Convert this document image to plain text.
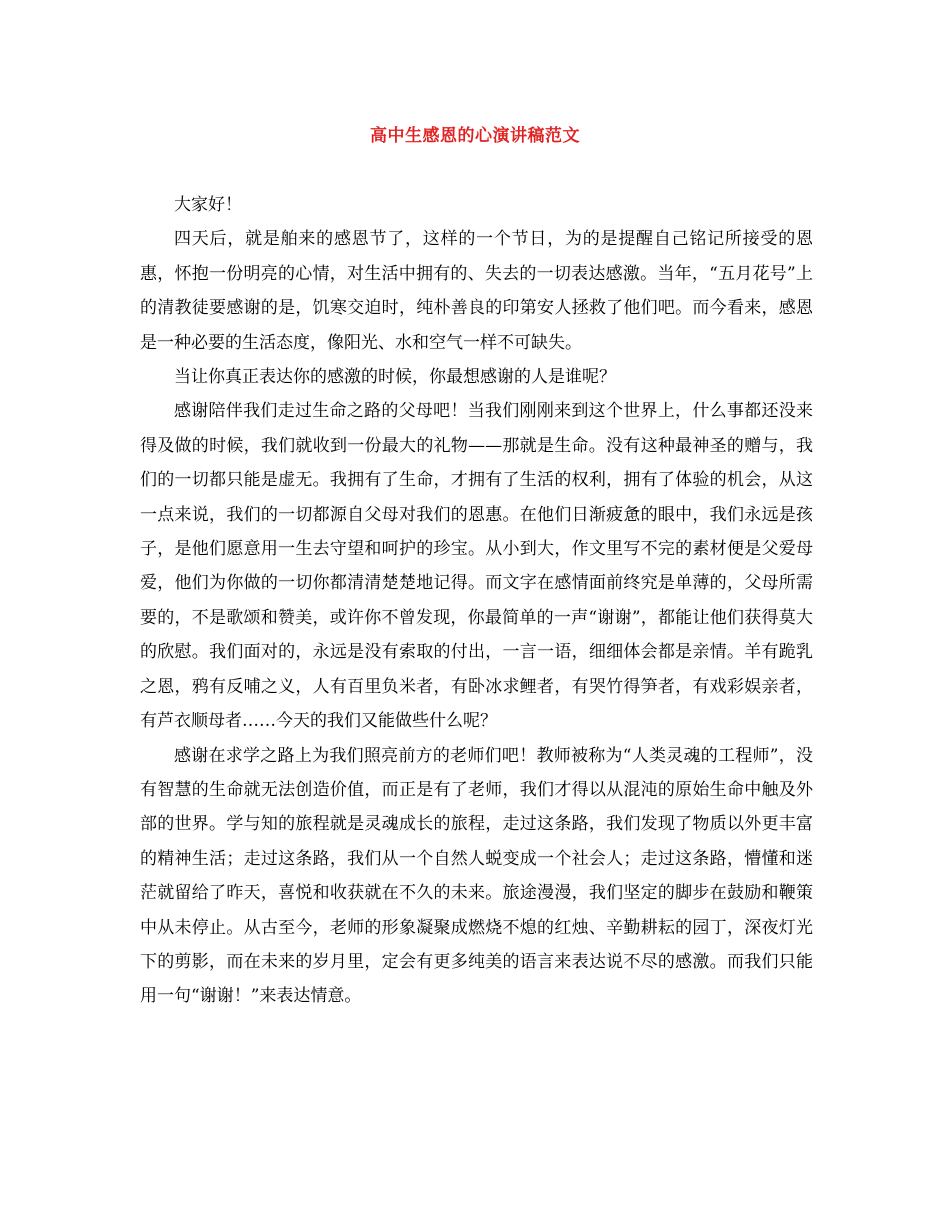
高中生感恩的心演讲稿范文

大家好！

四天后，就是舶来的感恩节了，这样的一个节日，为的是提醒自己铭记所接受的恩惠，怀抱一份明亮的心情，对生活中拥有的、失去的一切表达感激。当年，“五月花号”上的清教徒要感谢的是，饥寒交迫时，纯朴善良的印第安人拯救了他们吧。而今看来，感恩是一种必要的生活态度，像阳光、水和空气一样不可缺失。

当让你真正表达你的感激的时候，你最想感谢的人是谁呢？

感谢陪伴我们走过生命之路的父母吧！当我们刚刚来到这个世界上，什么事都还没来得及做的时候，我们就收到一份最大的礼物——那就是生命。没有这种最神圣的赠与，我们的一切都只能是虚无。我拥有了生命，才拥有了生活的权利，拥有了体验的机会，从这一点来说，我们的一切都源自父母对我们的恩惠。在他们日渐疲惫的眼中，我们永远是孩子，是他们愿意用一生去守望和呵护的珍宝。从小到大，作文里写不完的素材便是父爱母爱，他们为你做的一切你都清清楚楚地记得。而文字在感情面前终究是单薄的，父母所需要的，不是歌颂和赞美，或许你不曾发现，你最简单的一声“谢谢”，都能让他们获得莫大的欣慰。我们面对的，永远是没有索取的付出，一言一语，细细体会都是亲情。羊有跪乳之恩，鸦有反哺之义，人有百里负米者，有卧冰求鲤者，有哭竹得笋者，有戏彩娱亲者，有芦衣顺母者……今天的我们又能做些什么呢？

感谢在求学之路上为我们照亮前方的老师们吧！教师被称为“人类灵魂的工程师”，没有智慧的生命就无法创造价值，而正是有了老师，我们才得以从混沌的原始生命中触及外部的世界。学与知的旅程就是灵魂成长的旅程，走过这条路，我们发现了物质以外更丰富的精神生活；走过这条路，我们从一个自然人蜕变成一个社会人；走过这条路，懵懂和迷茫就留给了昨天，喜悦和收获就在不久的未来。旅途漫漫，我们坚定的脚步在鼓励和鞭策中从未停止。从古至今，老师的形象凝聚成燃烧不熄的红烛、辛勤耕耘的园丁，深夜灯光下的剪影，而在未来的岁月里，定会有更多纯美的语言来表达说不尽的感激。而我们只能用一句“谢谢！”来表达情意。
